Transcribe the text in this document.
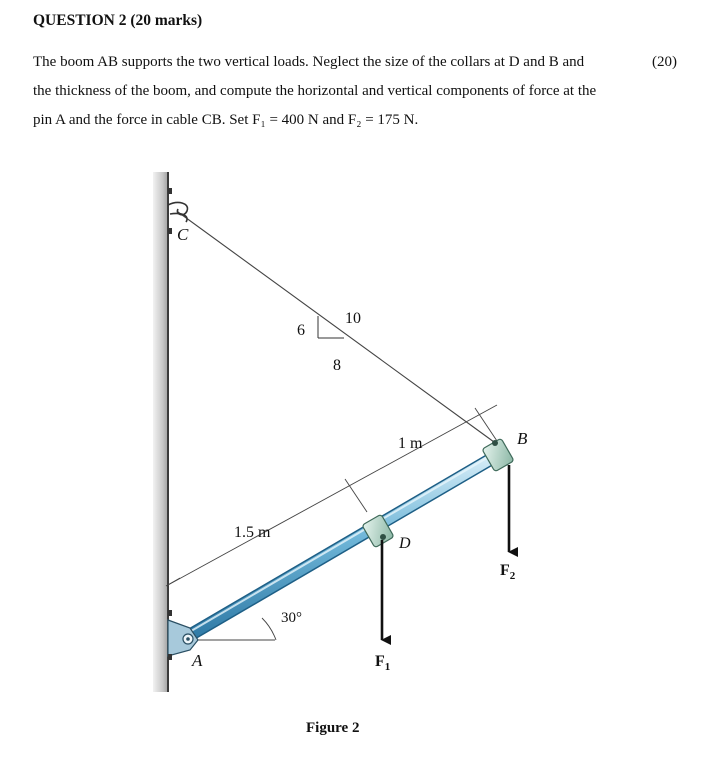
QUESTION 2 (20 marks)
(20)
The boom AB supports the two vertical loads. Neglect the size of the collars at D and B and
the thickness of the boom, and compute the horizontal and vertical components of force at the
pin A and the force in cable CB. Set F₁ = 400 N and F₂ = 175 N.
C
A
B
D
10
6
8
1 m
1.5 m
30°
$F_1$
$F_2$
Figure 2
